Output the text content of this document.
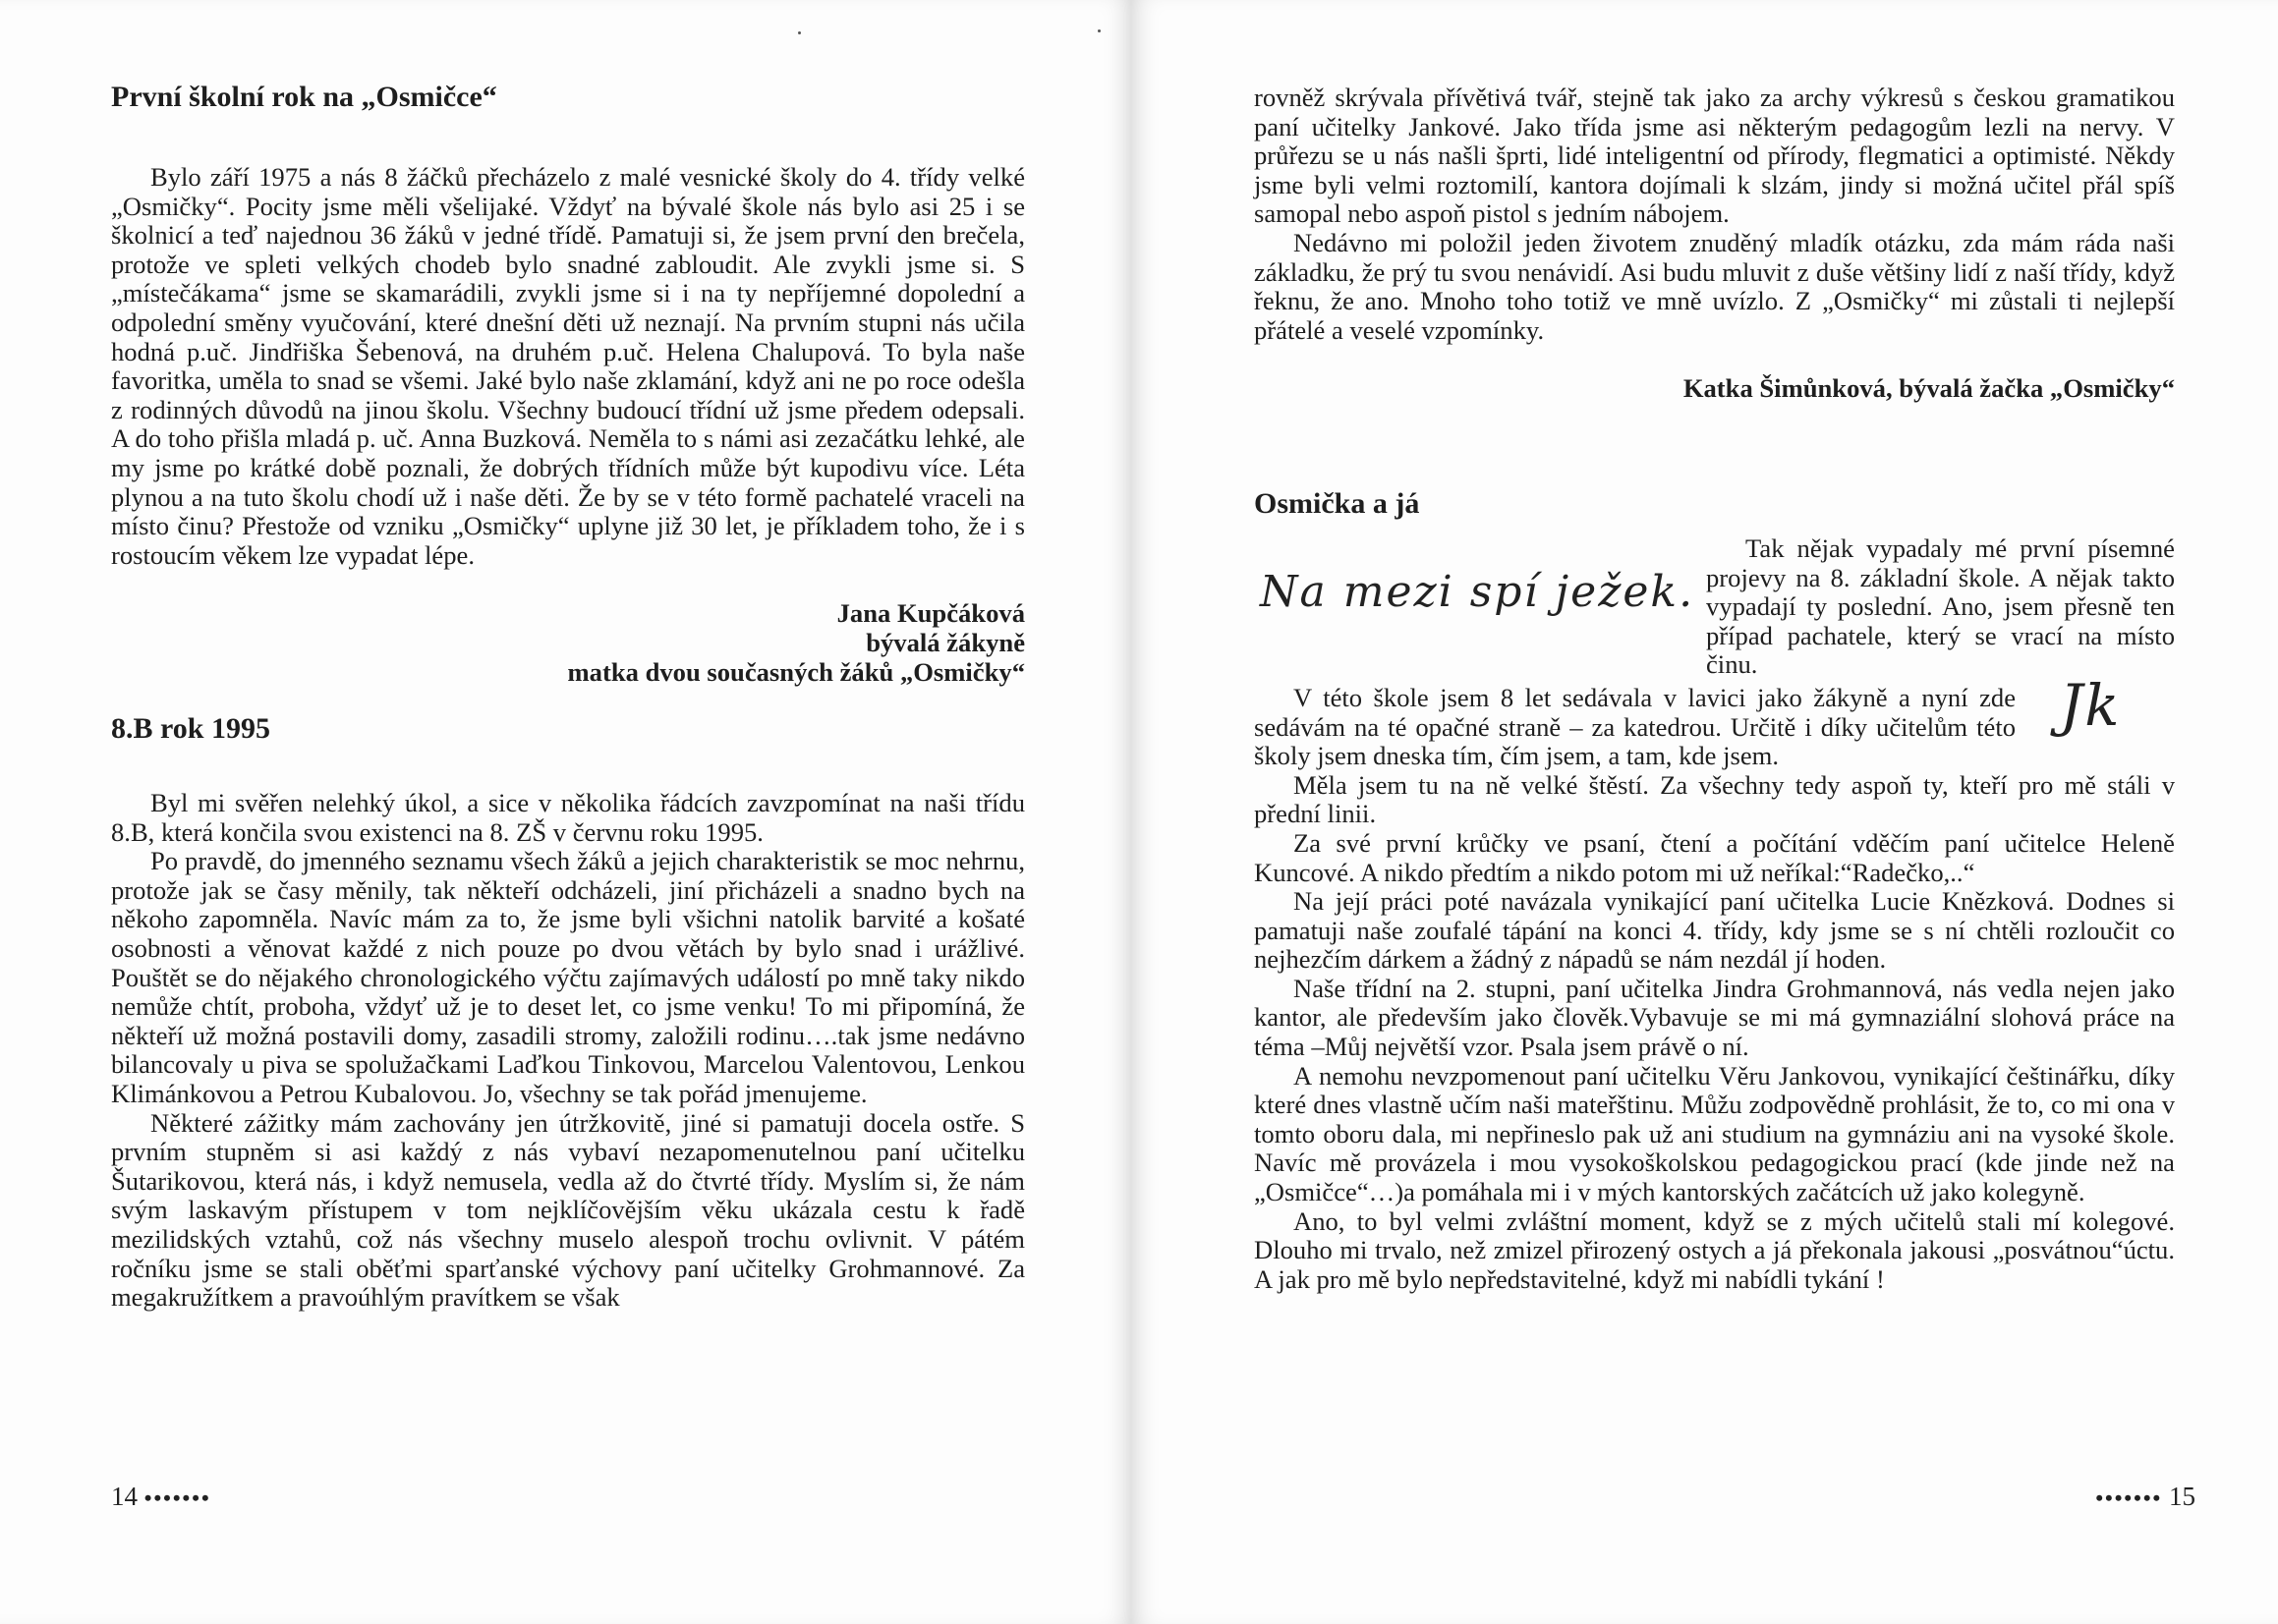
První školní rok na „Osmičce“

Bylo září 1975 a nás 8 žáčků přecházelo z malé vesnické školy do 4. třídy velké „Osmičky“. Pocity jsme měli všelijaké. Vždyť na bývalé škole nás bylo asi 25 i se školnicí a teď najednou 36 žáků v jedné třídě. Pamatuji si, že jsem první den brečela, protože ve spleti velkých chodeb bylo snadné zabloudit. Ale zvykli jsme si. S „místečákama“ jsme se skamarádili, zvykli jsme si i na ty nepříjemné dopolední a odpolední směny vyučování, které dnešní děti už neznají. Na prvním stupni nás učila hodná p.uč. Jindřiška Šebenová, na druhém p.uč. Helena Chalupová. To byla naše favoritka, uměla to snad se všemi. Jaké bylo naše zklamání, když ani ne po roce odešla z rodinných důvodů na jinou školu. Všechny budoucí třídní už jsme předem odepsali. A do toho přišla mladá p. uč. Anna Buzková. Neměla to s námi asi zezačátku lehké, ale my jsme po krátké době poznali, že dobrých třídních může být kupodivu více. Léta plynou a na tuto školu chodí už i naše děti. Že by se v této formě pachatelé vraceli na místo činu? Přestože od vzniku „Osmičky“ uplyne již 30 let, je příkladem toho, že i s rostoucím věkem lze vypadat lépe.

Jana Kupčáková
bývalá žákyně
matka dvou současných žáků „Osmičky“
8.B rok 1995

Byl mi svěřen nelehký úkol, a sice v několika řádcích zavzpomínat na naši třídu 8.B, která končila svou existenci na 8. ZŠ v červnu roku 1995.

Po pravdě, do jmenného seznamu všech žáků a jejich charakteristik se moc nehrnu, protože jak se časy měnily, tak někteří odcházeli, jiní přicházeli a snadno bych na někoho zapomněla. Navíc mám za to, že jsme byli všichni natolik barvité a košaté osobnosti a věnovat každé z nich pouze po dvou větách by bylo snad i urážlivé. Pouštět se do nějakého chronologického výčtu zajímavých událostí po mně taky nikdo nemůže chtít, proboha, vždyť už je to deset let, co jsme venku! To mi připomíná, že někteří už možná postavili domy, zasadili stromy, založili rodinu….tak jsme nedávno bilancovaly u piva se spolužačkami Laďkou Tinkovou, Marcelou Valentovou, Lenkou Klimánkovou a Petrou Kubalovou. Jo, všechny se tak pořád jmenujeme.

Některé zážitky mám zachovány jen útržkovitě, jiné si pamatuji docela ostře. S prvním stupněm si asi každý z nás vybaví nezapomenutelnou paní učitelku Šutarikovou, která nás, i když nemusela, vedla až do čtvrté třídy. Myslím si, že nám svým laskavým přístupem v tom nejklíčovějším věku ukázala cestu k řadě mezilidských vztahů, což nás všechny muselo alespoň trochu ovlivnit. V pátém ročníku jsme se stali oběťmi sparťanské výchovy paní učitelky Grohmannové. Za megakružítkem a pravoúhlým pravítkem se však

14 •••••••

rovněž skrývala přívětivá tvář, stejně tak jako za archy výkresů s českou gramatikou paní učitelky Jankové. Jako třída jsme asi některým pedagogům lezli na nervy. V průřezu se u nás našli šprti, lidé inteligentní od přírody, flegmatici a optimisté. Někdy jsme byli velmi roztomilí, kantora dojímali k slzám, jindy si možná učitel přál spíš samopal nebo aspoň pistol s jedním nábojem.

Nedávno mi položil jeden životem znuděný mladík otázku, zda mám ráda naši základku, že prý tu svou nenávidí. Asi budu mluvit z duše většiny lidí z naší třídy, když řeknu, že ano. Mnoho toho totiž ve mně uvízlo. Z „Osmičky“ mi zůstali ti nejlepší přátelé a veselé vzpomínky.

Katka Šimůnková, bývalá žačka „Osmičky“
Osmička a já
Na mezi spí ježek.
Tak nějak vypadaly mé první písemné projevy na 8. základní škole. A nějak takto vypadají ty poslední. Ano, jsem přesně ten případ pachatele, který se vrací na místo činu.

V této škole jsem 8 let sedávala v lavici jako žákyně a nyní zde sedávám na té opačné straně – za katedrou. Určitě i díky učitelům této školy jsem dneska tím, čím jsem, a tam, kde jsem.

Jk

Měla jsem tu na ně velké štěstí. Za všechny tedy aspoň ty, kteří pro mě stáli v přední linii.

Za své první krůčky ve psaní, čtení a počítání vděčím paní učitelce Heleně Kuncové. A nikdo předtím a nikdo potom mi už neříkal:“Radečko,..“

Na její práci poté navázala vynikající paní učitelka Lucie Knězková. Dodnes si pamatuji naše zoufalé tápání na konci 4. třídy, kdy jsme se s ní chtěli rozloučit co nejhezčím dárkem a žádný z nápadů se nám nezdál jí hoden.

Naše třídní na 2. stupni, paní učitelka Jindra Grohmannová, nás vedla nejen jako kantor, ale především jako člověk.Vybavuje se mi má gymnaziální slohová práce na téma –Můj největší vzor. Psala jsem právě o ní.

A nemohu nevzpomenout paní učitelku Věru Jankovou, vynikající češtinářku, díky které dnes vlastně učím naši mateřštinu. Můžu zodpovědně prohlásit, že to, co mi ona v tomto oboru dala, mi nepřineslo pak už ani studium na gymnáziu ani na vysoké škole. Navíc mě provázela i mou vysokoškolskou pedagogickou prací (kde jinde než na „Osmičce“…)a pomáhala mi i v mých kantorských začátcích už jako kolegyně.

Ano, to byl velmi zvláštní moment, když se z mých učitelů stali mí kolegové. Dlouho mi trvalo, než zmizel přirozený ostych a já překonala jakousi „posvátnou“úctu. A jak pro mě bylo nepředstavitelné, když mi nabídli tykání !

••••••• 15
